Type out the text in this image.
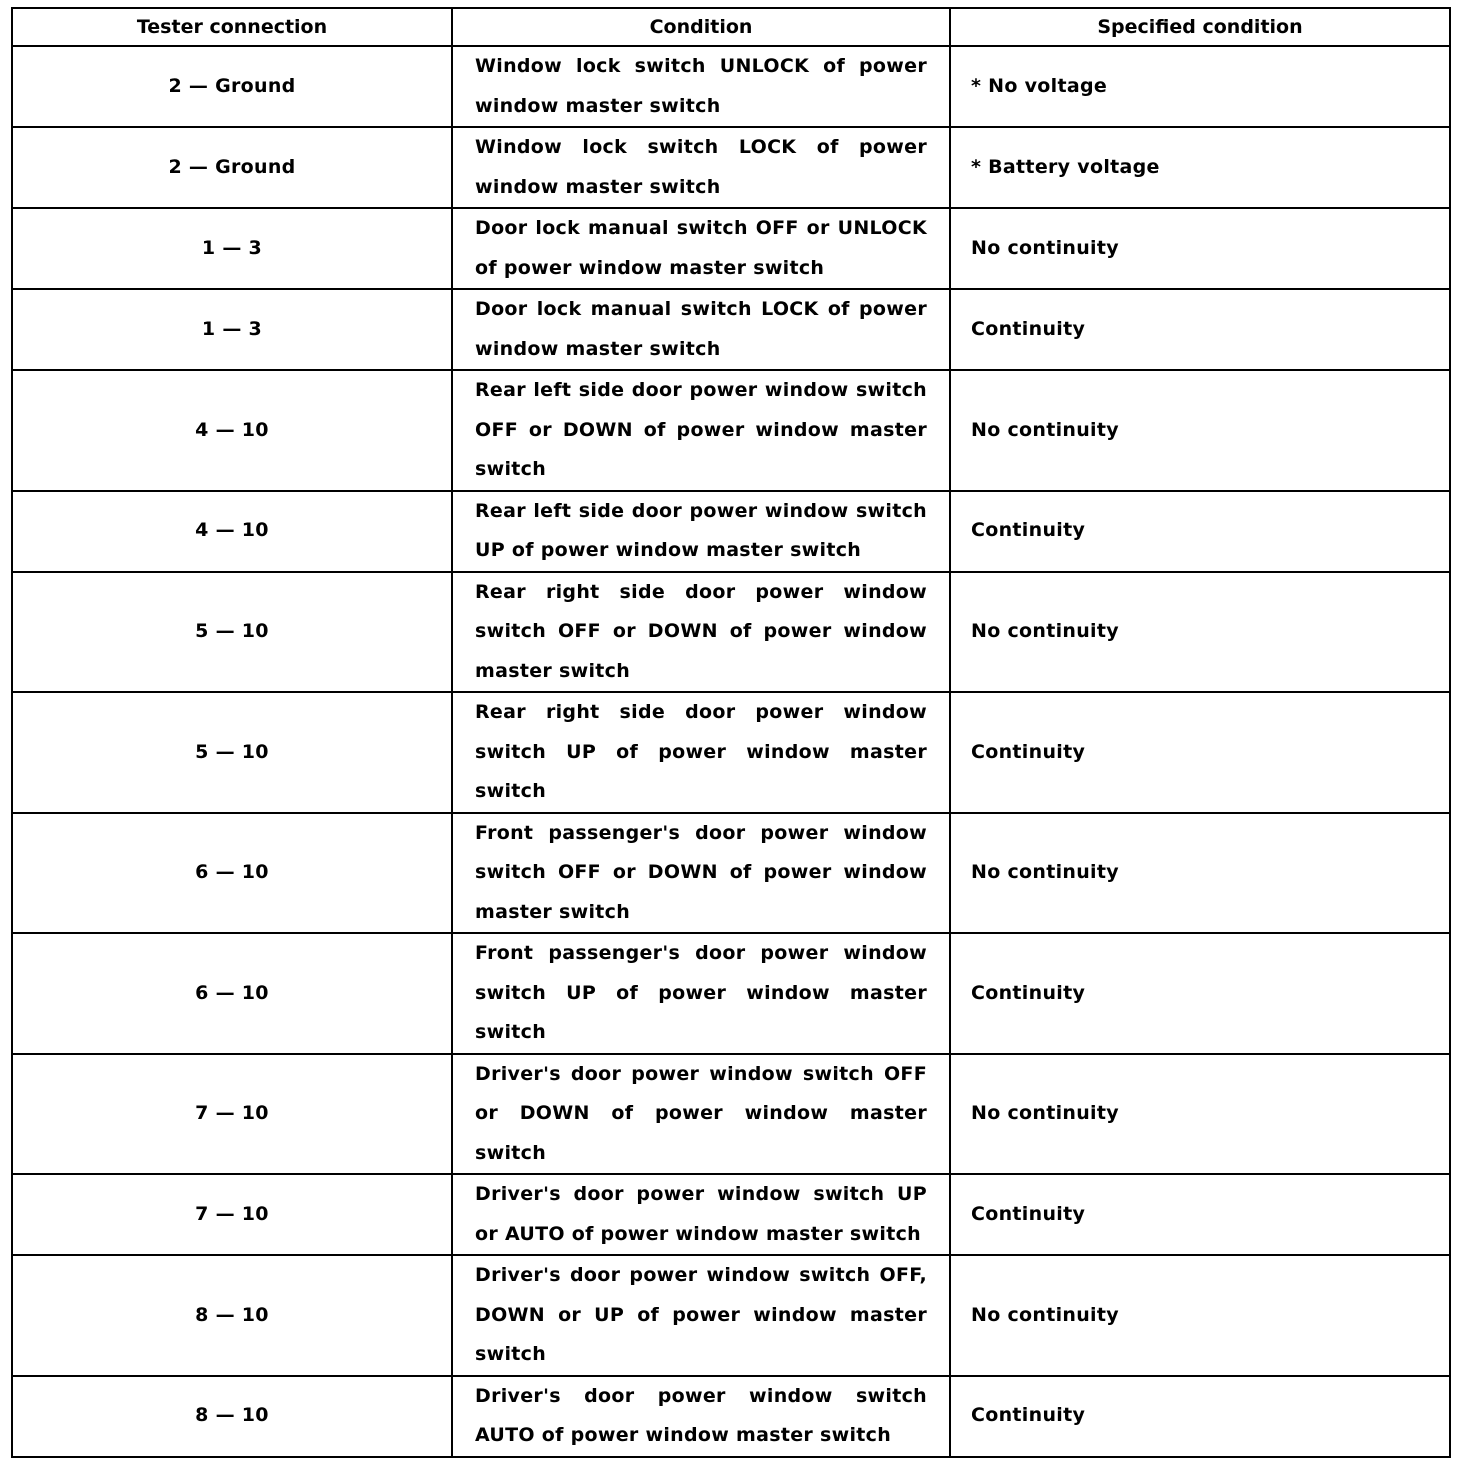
Tester connection	Condition	Specified condition
2 — Ground	Window lock switch UNLOCK of power window master switch	* No voltage
2 — Ground	Window lock switch LOCK of power window master switch	* Battery voltage
1 — 3	Door lock manual switch OFF or UNLOCK of power window master switch	No continuity
1 — 3	Door lock manual switch LOCK of power window master switch	Continuity
4 — 10	Rear left side door power window switch OFF or DOWN of power window master switch	No continuity
4 — 10	Rear left side door power window switch UP of power window master switch	Continuity
5 — 10	Rear right side door power window switch OFF or DOWN of power window master switch	No continuity
5 — 10	Rear right side door power window switch UP of power window master switch	Continuity
6 — 10	Front passenger's door power window switch OFF or DOWN of power window master switch	No continuity
6 — 10	Front passenger's door power window switch UP of power window master switch	Continuity
7 — 10	Driver's door power window switch OFF or DOWN of power window master switch	No continuity
7 — 10	Driver's door power window switch UP or AUTO of power window master switch	Continuity
8 — 10	Driver's door power window switch OFF, DOWN or UP of power window master switch	No continuity
8 — 10	Driver's door power window switch AUTO of power window master switch	Continuity
